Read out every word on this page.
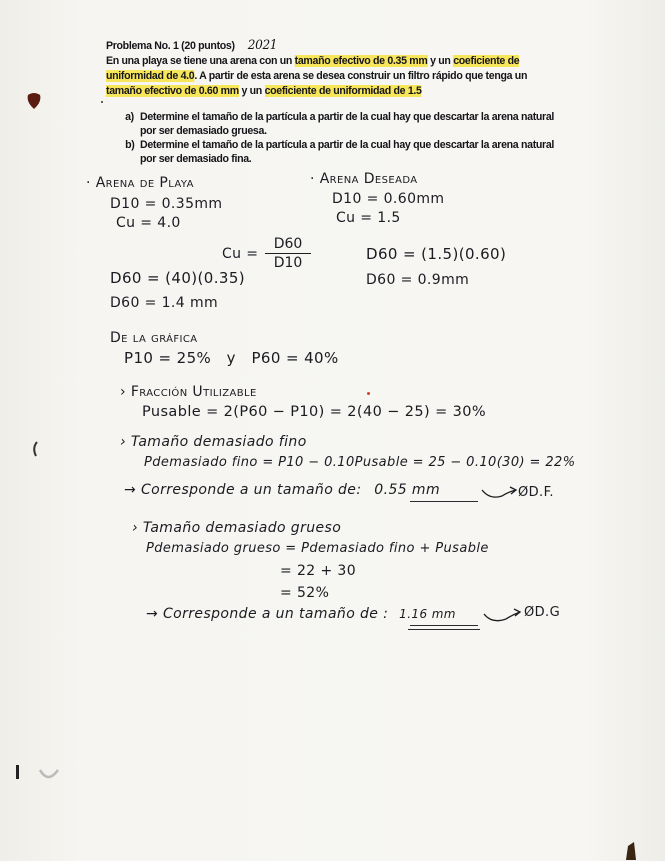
Problema No. 1 (20 puntos) 2021
En una playa se tiene una arena con un tamaño efectivo de 0.35 mm y un coeficiente de uniformidad de 4.0. A partir de esta arena se desea construir un filtro rápido que tenga un tamaño efectivo de 0.60 mm y un coeficiente de uniformidad de 1.5
a) Determine el tamaño de la partícula a partir de la cual hay que descartar la arena natural por ser demasiado gruesa.
b) Determine el tamaño de la partícula a partir de la cual hay que descartar la arena natural por ser demasiado fina.
· Arena de Playa
D10 = 0.35mm
Cu = 4.0
· Arena Deseada
D10 = 0.60mm
Cu = 1.5
Cu =
D60
D10
D60 = (1.5)(0.60)
D60 = 0.9mm
D60 = (40)(0.35)
D60 = 1.4 mm
De la gráfica
P10 = 25%   y   P60 = 40%
› Fracción Utilizable
Pusable = 2(P60 − P10) = 2(40 − 25) = 30%
› Tamaño demasiado fino
Pdemasiado fino = P10 − 0.10Pusable = 25 − 0.10(30) = 22%
→ Corresponde a un tamaño de: 0.55 mm	ØD.F.
› Tamaño demasiado grueso
Pdemasiado grueso = Pdemasiado fino + Pusable
= 22 + 30
= 52%
→ Corresponde a un tamaño de : 1.16 mm	ØD.G
